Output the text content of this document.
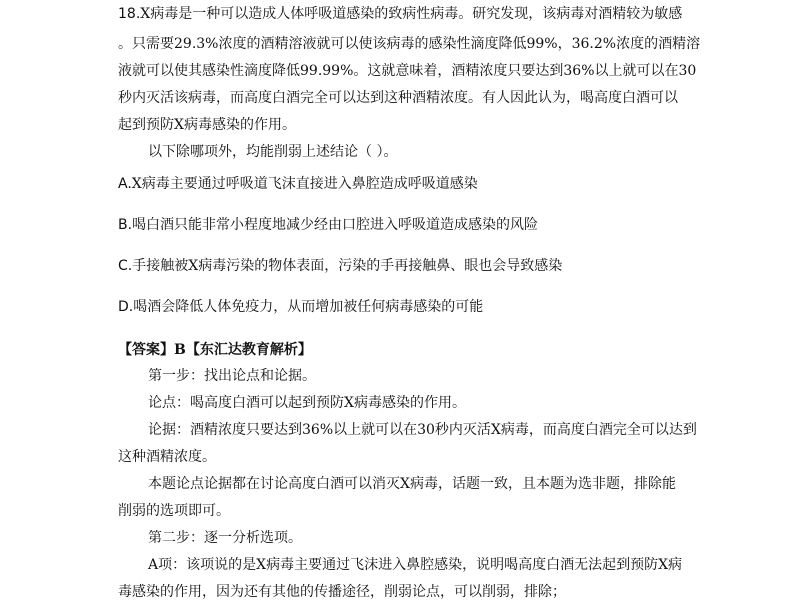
18.X病毒是一种可以造成人体呼吸道感染的致病性病毒。研究发现，该病毒对酒精较为敏感
。只需要29.3%浓度的酒精溶液就可以使该病毒的感染性滴度降低99%，36.2%浓度的酒精溶
液就可以使其感染性滴度降低99.99%。这就意味着，酒精浓度只要达到36%以上就可以在30
秒内灭活该病毒，而高度白酒完全可以达到这种酒精浓度。有人因此认为，喝高度白酒可以
起到预防X病毒感染的作用。
以下除哪项外，均能削弱上述结论（ ）。
A.X病毒主要通过呼吸道飞沫直接进入鼻腔造成呼吸道感染
B.喝白酒只能非常小程度地减少经由口腔进入呼吸道造成感染的风险
C.手接触被X病毒污染的物体表面，污染的手再接触鼻、眼也会导致感染
D.喝酒会降低人体免疫力，从而增加被任何病毒感染的可能
【答案】B【东汇达教育解析】
第一步：找出论点和论据。
论点：喝高度白酒可以起到预防X病毒感染的作用。
论据：酒精浓度只要达到36%以上就可以在30秒内灭活X病毒，而高度白酒完全可以达到
这种酒精浓度。
本题论点论据都在讨论高度白酒可以消灭X病毒，话题一致，且本题为选非题，排除能
削弱的选项即可。
第二步：逐一分析选项。
A项：该项说的是X病毒主要通过飞沫进入鼻腔感染，说明喝高度白酒无法起到预防X病
毒感染的作用，因为还有其他的传播途径，削弱论点，可以削弱，排除；
